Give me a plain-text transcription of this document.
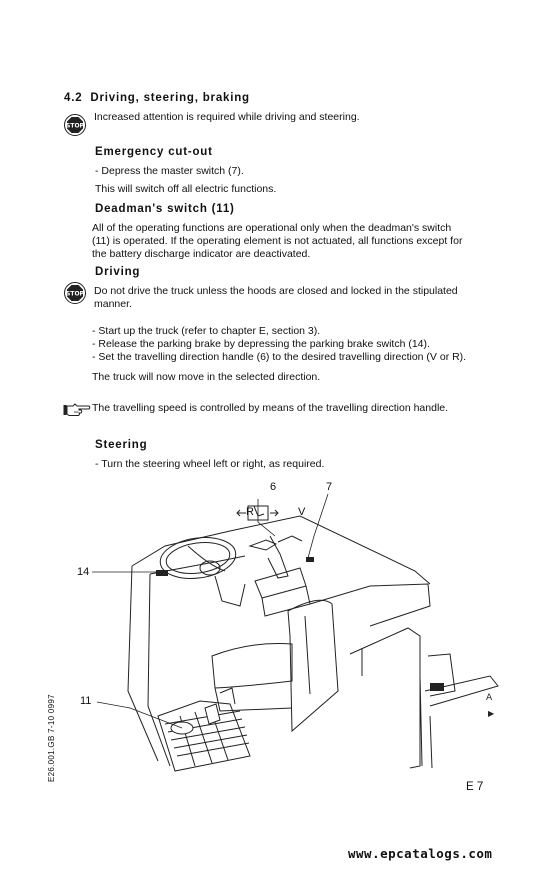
4.2 Driving, steering, braking
STOP
Increased attention is required while driving and steering.
Emergency cut-out
- Depress the master switch (7).
This will switch off all electric functions.
Deadman's switch (11)
All of the operating functions are operational only when the deadman's switch
(11) is operated. If the operating element is not actuated, all functions except for
the battery discharge indicator are deactivated.
Driving
STOP Do not drive the truck unless the hoods are closed and locked in the stipulated
manner.
- Start up the truck (refer to chapter E, section 3).
- Release the parking brake by depressing the parking brake switch (14).
- Set the travelling direction handle (6) to the desired travelling direction (V or R).
The truck will now move in the selected direction.
The travelling speed is controlled by means of the travelling direction handle.
Steering
- Turn the steering wheel left or right, as required.
A
▶
6	7
R	V
14
11
E26.001.GB 7-10 0997
E 7
www.epcatalogs.com
